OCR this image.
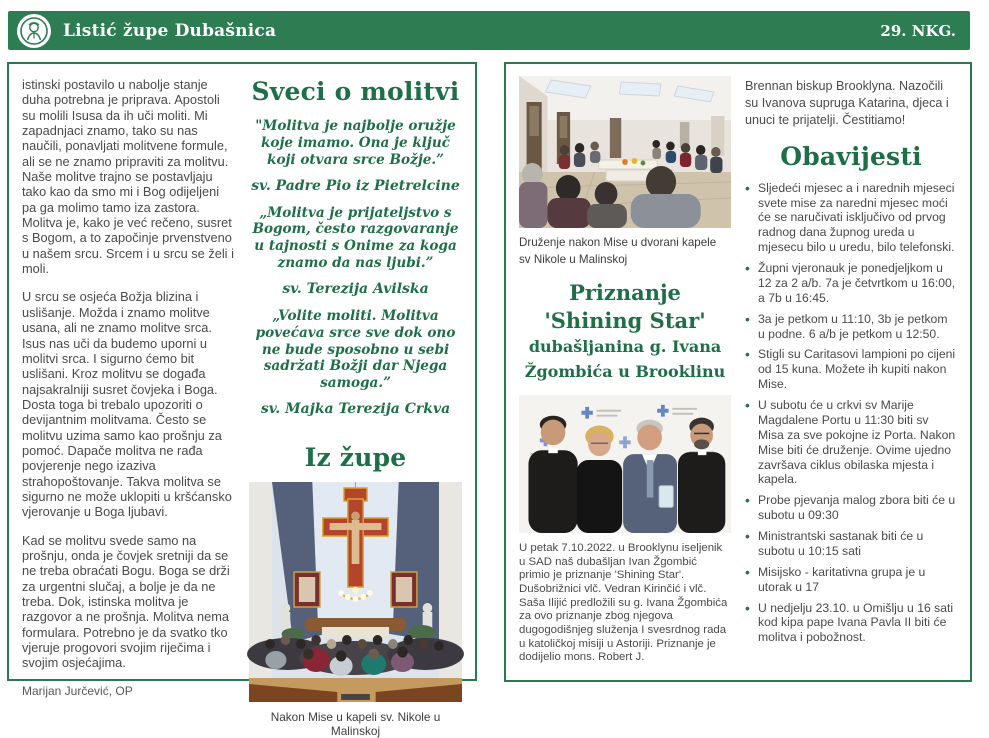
Listić župe Dubašnica	29. NKG.

istinski postavilo u nabolje stanje duha potrebna je priprava. Apostoli su molili Isusa da ih uči moliti. Mi zapadnjaci znamo, tako su nas naučili, ponavljati molitvene formule, ali se ne znamo pripraviti za molitvu. Naše molitve trajno se postavljaju tako kao da smo mi i Bog odijeljeni pa ga molimo tamo iza zastora. Molitva je, kako je već rečeno, susret s Bogom, a to započinje prvenstveno u našem srcu. Srcem i u srcu se želi i moli.

U srcu se osjeća Božja blizina i uslišanje. Možda i znamo molitve usana, ali ne znamo molitve srca. Isus nas uči da budemo uporni u molitvi srca. I sigurno ćemo bit uslišani. Kroz molitvu se događa najsakralniji susret čovjeka i Boga. Dosta toga bi trebalo upozoriti o devijantnim molitvama. Često se molitvu uzima samo kao prošnju za pomoć. Dapače molitva ne rađa povjerenje nego izaziva strahopoštovanje. Takva molitva se sigurno ne može uklopiti u kršćansko vjerovanje u Boga ljubavi.

Kad se molitvu svede samo na prošnju, onda je čovjek sretniji da se ne treba obraćati Bogu. Boga se drži za urgentni slučaj, a bolje je da ne treba. Dok, istinska molitva je razgovor a ne prošnja. Molitva nema formulara. Potrebno je da svatko tko vjeruje progovori svojim riječima i svojim osjećajima.

Marijan Jurčević, OP
Sveci o molitvi

"Molitva je najbolje oružje koje imamo. Ona je ključ koji otvara srce Božje.”

sv. Padre Pio iz Pietrelcine

„Molitva je prijateljstvo s Bogom, često razgovaranje u tajnosti s Onime za koga znamo da nas ljubi.”

sv. Terezija Avilska

„Volite moliti. Molitva povećava srce sve dok ono ne bude sposobno u sebi sadržati Božji dar Njega samoga.”

sv. Majka Terezija Crkva

Iz župe
Nakon Mise u kapeli sv. Nikole u Malinskoj
Druženje nakon Mise u dvorani kapele sv Nikole u Malinskoj
Priznanje
'Shining Star'
dubašljanina g. Ivana
Žgombića u Brooklinu

U petak 7.10.2022. u Brooklynu iseljenik u SAD naš dubašljan Ivan Žgombić primio je priznanje 'Shining Star'. Dušobrižnici vlč. Vedran Kirinčić i vlč. Saša Ilijić predložili su g. Ivana Žgombića za ovo priznanje zbog njegova dugogodišnjeg služenja I svesrdnog rada u katoličkoj misiji u Astoriji. Priznanje je dodijelio mons. Robert J.

Brennan biskup Brooklyna. Nazočili su Ivanova supruga Katarina, djeca i unuci te prijatelji. Čestitiamo!

Obavijesti
• Sljedeći mjesec a i narednih mjeseci svete mise za naredni mjesec moći će se naručivati isključivo od prvog radnog dana župnog ureda u mjesecu bilo u uredu, bilo telefonski.
• Župni vjeronauk je ponedjeljkom u 12 za 2 a/b. 7a je četvrtkom u 16:00, a 7b u 16:45.
• 3a je petkom u 11:10, 3b je petkom u podne. 6 a/b je petkom u 12:50.
• Stigli su Caritasovi lampioni po cijeni od 15 kuna. Možete ih kupiti nakon Mise.
• U subotu će u crkvi sv Marije Magdalene Portu u 11:30 biti sv Misa za sve pokojne iz Porta. Nakon Mise biti će druženje. Ovime ujedno završava ciklus obilaska mjesta i kapela.
• Probe pjevanja malog zbora biti će u subotu u 09:30
• Ministrantski sastanak biti će u subotu u 10:15 sati
• Misijsko - karitativna grupa je u utorak u 17
• U nedjelju 23.10. u Omišlju u 16 sati kod kipa pape Ivana Pavla II biti će molitva i pobožnost.
